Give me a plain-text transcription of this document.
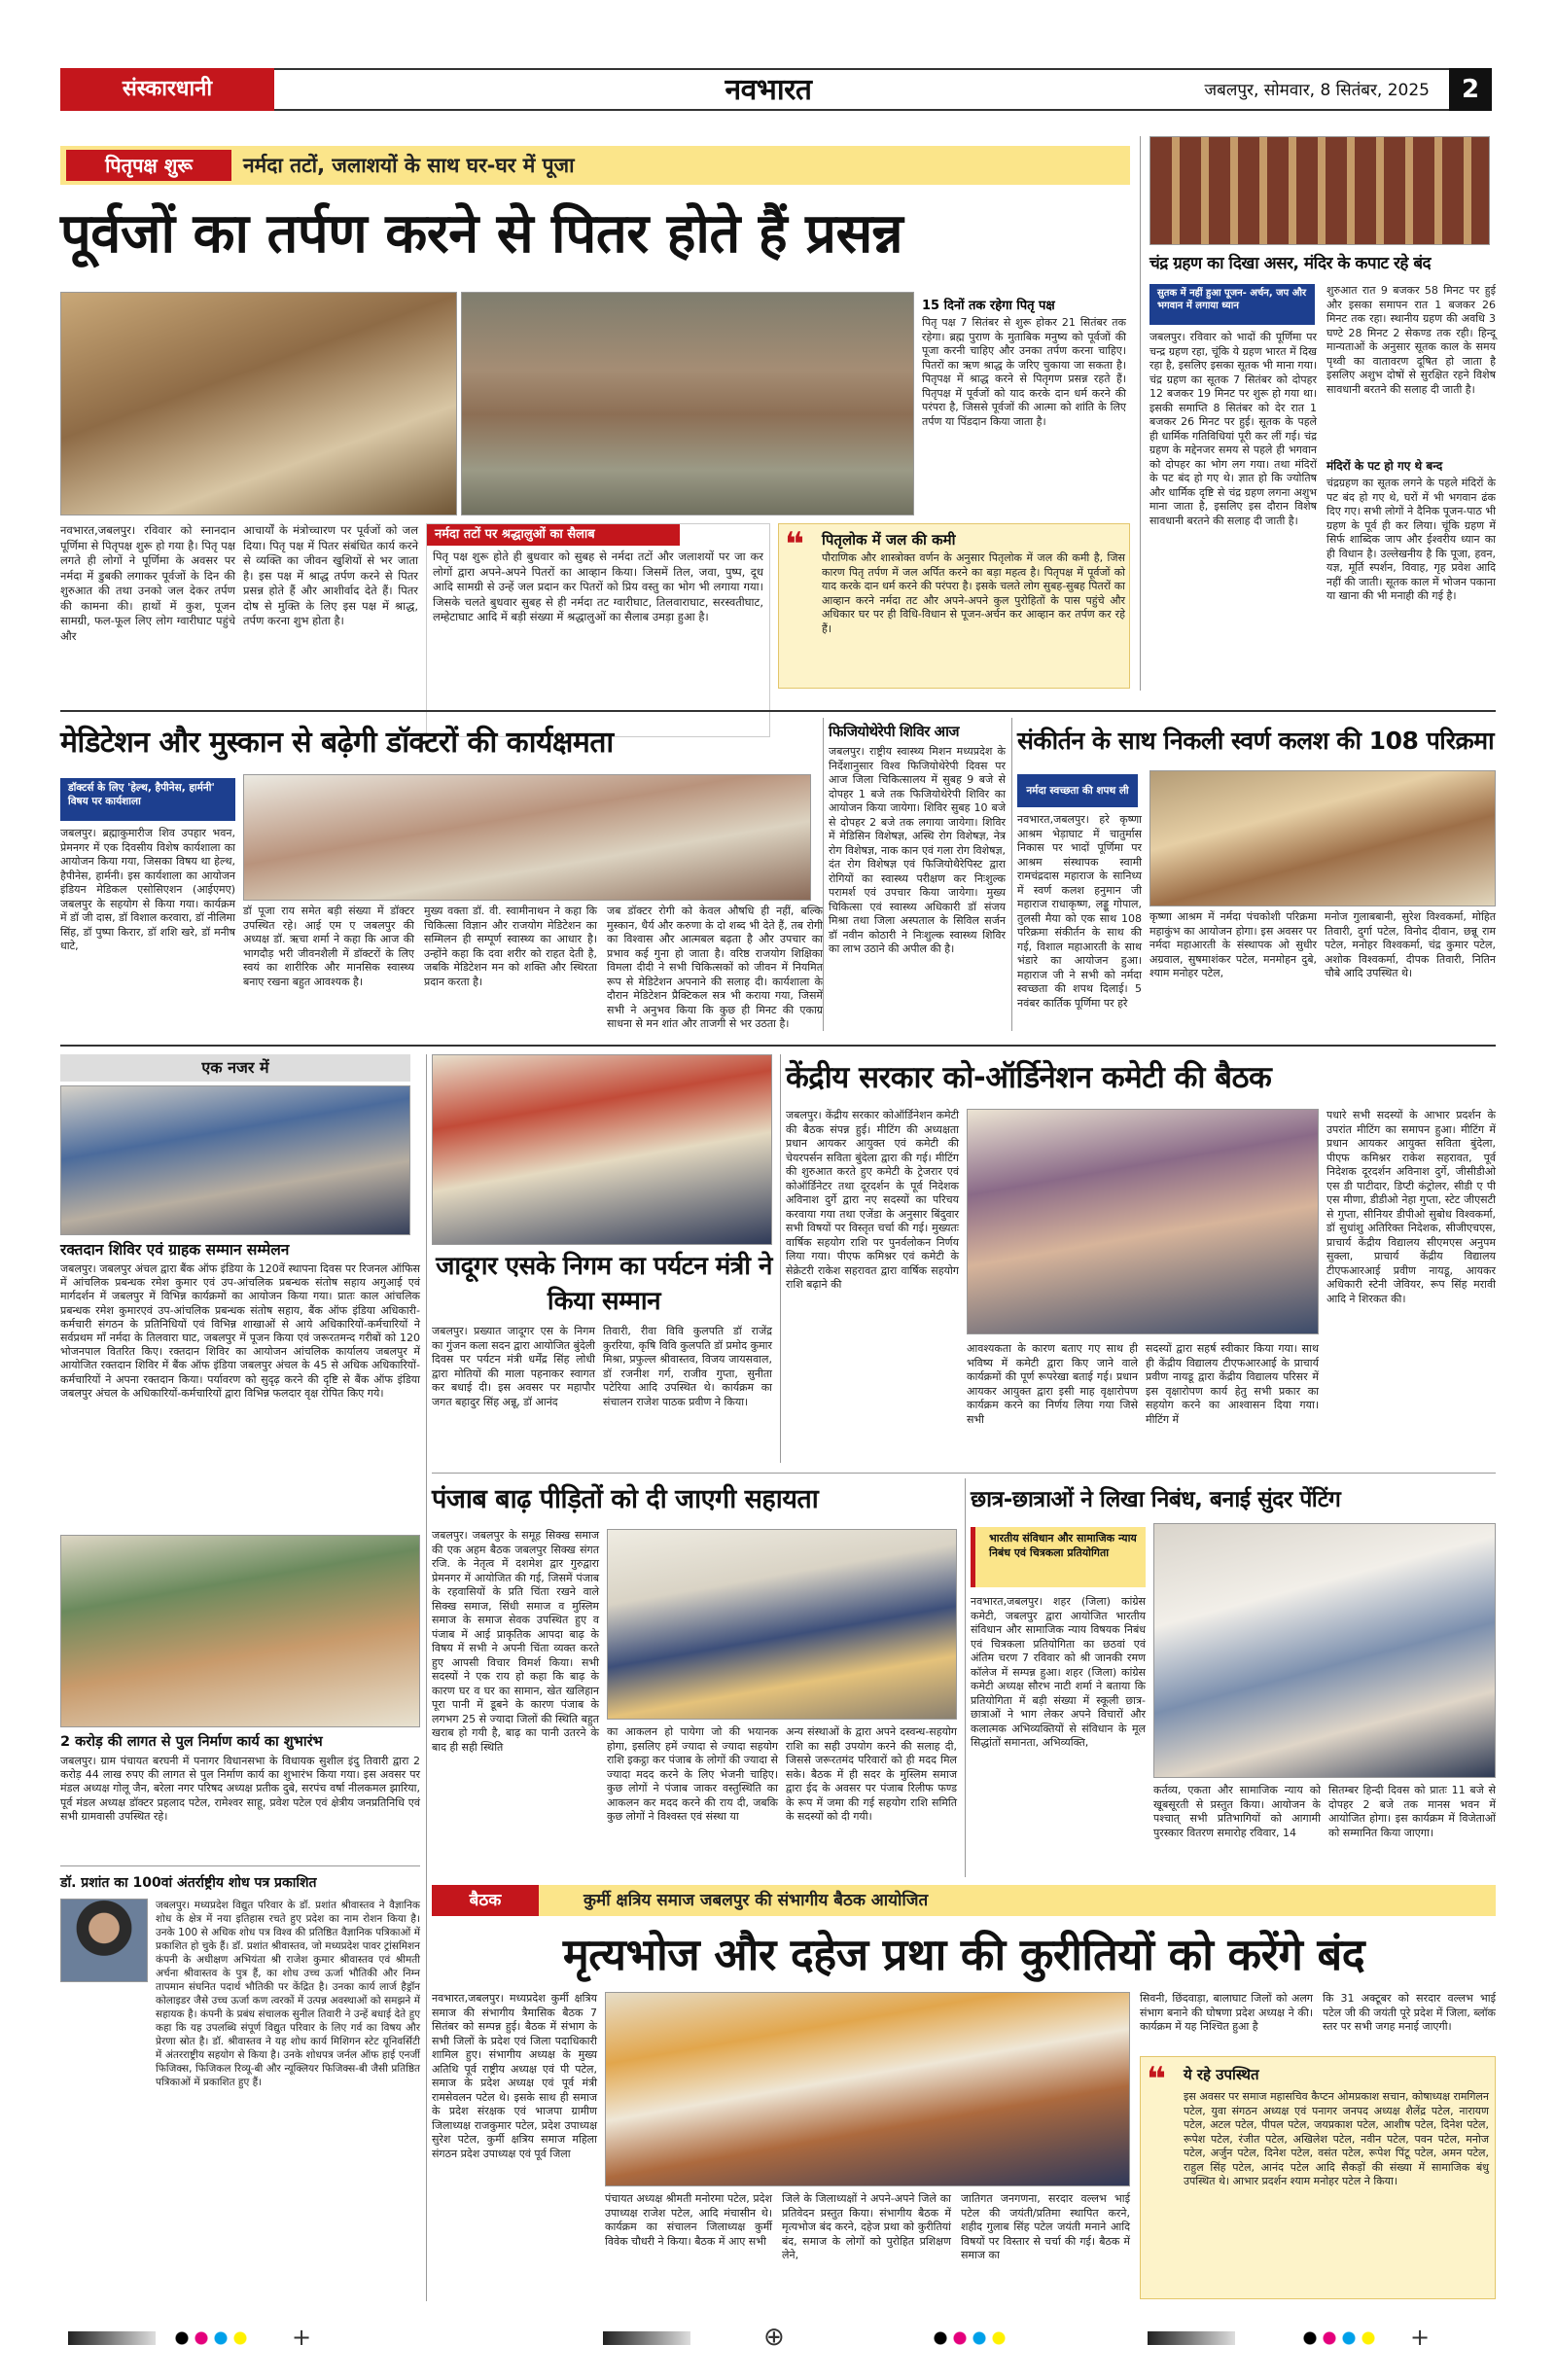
संस्कारधानी	नवभारत	जबलपुर, सोमवार, 8 सितंबर, 2025	2
पितृपक्ष शुरू	नर्मदा तटों, जलाशयों के साथ घर-घर में पूजा
पूर्वजों का तर्पण करने से पितर होते हैं प्रसन्न
15 दिनों तक रहेगा पितृ पक्ष
पितृ पक्ष 7 सितंबर से शुरू होकर 21 सितंबर तक रहेगा। ब्रह्म पुराण के मुताबिक मनुष्य को पूर्वजों की पूजा करनी चाहिए और उनका तर्पण करना चाहिए। पितरों का ऋण श्राद्ध के जरिए चुकाया जा सकता है। पितृपक्ष में श्राद्ध करने से पितृगण प्रसन्न रहते हैं। पितृपक्ष में पूर्वजों को याद करके दान धर्म करने की परंपरा है, जिससे पूर्वजों की आत्मा को शांति के लिए तर्पण या पिंडदान किया जाता है।
नवभारत,जबलपुर। रविवार को स्नानदान पूर्णिमा से पितृपक्ष शुरू हो गया है। पितृ पक्ष लगते ही लोगों ने पूर्णिमा के अवसर पर नर्मदा में डुबकी लगाकर पूर्वजों के दिन की शुरुआत की तथा उनको जल देकर तर्पण की कामना की। हाथों में कुश, पूजन सामग्री, फल-फूल लिए लोग ग्वारीघाट पहुंचे और
आचार्यों के मंत्रोच्चारण पर पूर्वजों को जल दिया। पितृ पक्ष में पितर संबंधित कार्य करने से व्यक्ति का जीवन खुशियों से भर जाता है। इस पक्ष में श्राद्ध तर्पण करने से पितर प्रसन्न होते हैं और आशीर्वाद देते हैं। पितर दोष से मुक्ति के लिए इस पक्ष में श्राद्ध, तर्पण करना शुभ होता है।
नर्मदा तटों पर श्रद्धालुओं का सैलाब
पितृ पक्ष शुरू होते ही बुधवार को सुबह से नर्मदा तटों और जलाशयों पर जा कर लोगों द्वारा अपने-अपने पितरों का आव्हान किया। जिसमें तिल, जवा, पुष्प, दूध आदि सामग्री से उन्हें जल प्रदान कर पितरों को प्रिय वस्तु का भोग भी लगाया गया। जिसके चलते बुधवार सुबह से ही नर्मदा तट ग्वारीघाट, तिलवाराघाट, सरस्वतीघाट, लम्हेटाघाट आदि में बड़ी संख्या में श्रद्धालुओं का सैलाब उमड़ा हुआ है।
❝ पितृलोक में जल की कमी
पौराणिक और शास्त्रोक्त वर्णन के अनुसार पितृलोक में जल की कमी है, जिस कारण पितृ तर्पण में जल अर्पित करने का बड़ा महत्व है। पितृपक्ष में पूर्वजों को याद करके दान धर्म करने की परंपरा है। इसके चलते लोग सुबह-सुबह पितरों का आव्हान करने नर्मदा तट और अपने-अपने कुल पुरोहितों के पास पहुंचे और अधिकार घर पर ही विधि-विधान से पूजन-अर्चन कर आव्हान कर तर्पण कर रहे हैं।
चंद्र ग्रहण का दिखा असर, मंदिर के कपाट रहे बंद
सुतक में नहीं हुआ पूजन- अर्चन, जप और भगवान में लगाया ध्यान
जबलपुर। रविवार को भादों की पूर्णिमा पर चन्द्र ग्रहण रहा, चूंकि ये ग्रहण भारत में दिख रहा है, इसलिए इसका सूतक भी माना गया। चंद्र ग्रहण का सूतक 7 सितंबर को दोपहर 12 बजकर 19 मिनट पर शुरू हो गया था। इसकी समाप्ति 8 सितंबर को देर रात 1 बजकर 26 मिनट पर हुई। सूतक के पहले ही धार्मिक गतिविधियां पूरी कर लीं गई। चंद्र ग्रहण के मद्देनजर समय से पहले ही भगवान को दोपहर का भोग लग गया। तथा मंदिरों के पट बंद हो गए थे। ज्ञात हो कि ज्योतिष और धार्मिक दृष्टि से चंद्र ग्रहण लगना अशुभ माना जाता है, इसलिए इस दौरान विशेष सावधानी बरतने की सलाह दी जाती है।
शुरुआत रात 9 बजकर 58 मिनट पर हुई और इसका समापन रात 1 बजकर 26 मिनट तक रहा। स्थानीय ग्रहण की अवधि 3 घण्टे 28 मिनट 2 सेकण्ड तक रही। हिन्दू मान्यताओं के अनुसार सूतक काल के समय पृथ्वी का वातावरण दूषित हो जाता है इसलिए अशुभ दोषों से सुरक्षित रहने विशेष सावधानी बरतने की सलाह दी जाती है।
मंदिरों के पट हो गए थे बन्द
चंद्रग्रहण का सूतक लगने के पहले मंदिरों के पट बंद हो गए थे, घरों में भी भगवान ढंक दिए गए। सभी लोगों ने दैनिक पूजन-पाठ भी ग्रहण के पूर्व ही कर लिया। चूंकि ग्रहण में सिर्फ शाब्दिक जाप और ईश्वरीय ध्यान का ही विधान है। उल्लेखनीय है कि पूजा, हवन, यज्ञ, मूर्ति स्पर्शन, विवाह, गृह प्रवेश आदि नहीं की जाती। सूतक काल में भोजन पकाना या खाना की भी मनाही की गई है।
मेडिटेशन और मुस्कान से बढ़ेगी डॉक्टरों की कार्यक्षमता
डॉक्टर्स के लिए 'हेल्थ, हैपीनेस, हार्मनी' विषय पर कार्यशाला
जबलपुर। ब्रह्माकुमारीज शिव उपहार भवन, प्रेमनगर में एक दिवसीय विशेष कार्यशाला का आयोजन किया गया, जिसका विषय था हेल्थ, हैपीनेस, हार्मनी। इस कार्यशाला का आयोजन इंडियन मेडिकल एसोसिएशन (आईएमए) जबलपुर के सहयोग से किया गया। कार्यक्रम में डॉ जी दास, डॉ विशाल करवारा, डॉ नीलिमा सिंह, डॉ पुष्पा किरार, डॉ शशि खरे, डॉ मनीष धाटे,
डॉ पूजा राय समेत बड़ी संख्या में डॉक्टर उपस्थित रहे। आई एम ए जबलपुर की अध्यक्ष डॉ. ऋचा शर्मा ने कहा कि आज की भागदौड़ भरी जीवनशैली में डॉक्टरों के लिए स्वयं का शारीरिक और मानसिक स्वास्थ्य बनाए रखना बहुत आवश्यक है।
मुख्य वक्ता डॉ. वी. स्वामीनाथन ने कहा कि चिकित्सा विज्ञान और राजयोग मेडिटेशन का सम्मिलन ही सम्पूर्ण स्वास्थ्य का आधार है। उन्होंने कहा कि दवा शरीर को राहत देती है, जबकि मेडिटेशन मन को शक्ति और स्थिरता प्रदान करता है।
जब डॉक्टर रोगी को केवल औषधि ही नहीं, बल्कि मुस्कान, धैर्य और करुणा के दो शब्द भी देते हैं, तब रोगी का विश्वास और आत्मबल बढ़ता है और उपचार का प्रभाव कई गुना हो जाता है। वरिष्ठ राजयोग शिक्षिका विमला दीदी ने सभी चिकित्सकों को जीवन में नियमित रूप से मेडिटेशन अपनाने की सलाह दी। कार्यशाला के दौरान मेडिटेशन प्रैक्टिकल सत्र भी कराया गया, जिसमें सभी ने अनुभव किया कि कुछ ही मिनट की एकाग्र साधना से मन शांत और ताजगी से भर उठता है।
फिजियोथेरेपी शिविर आज
जबलपुर। राष्ट्रीय स्वास्थ्य मिशन मध्यप्रदेश के निर्देशानुसार विश्व फिजियोथेरेपी दिवस पर आज जिला चिकित्सालय में सुबह 9 बजे से दोपहर 1 बजे तक फिजियोथेरेपी शिविर का आयोजन किया जायेगा। शिविर सुबह 10 बजे से दोपहर 2 बजे तक लगाया जायेगा। शिविर में मेडिसिन विशेषज्ञ, अस्थि रोग विशेषज्ञ, नेत्र रोग विशेषज्ञ, नाक कान एवं गला रोग विशेषज्ञ, दंत रोग विशेषज्ञ एवं फिजियोथैरेपिस्ट द्वारा रोगियों का स्वास्थ्य परीक्षण कर निःशुल्क परामर्श एवं उपचार किया जायेगा। मुख्य चिकित्सा एवं स्वास्थ्य अधिकारी डॉ संजय मिश्रा तथा जिला अस्पताल के सिविल सर्जन डॉ नवीन कोठारी ने निःशुल्क स्वास्थ्य शिविर का लाभ उठाने की अपील की है।
संकीर्तन के साथ निकली स्वर्ण कलश की 108 परिक्रमा
नर्मदा स्वच्छता की शपथ ली
नवभारत,जबलपुर। हरे कृष्णा आश्रम भेड़ाघाट में चातुर्मास निकास पर भादों पूर्णिमा पर आश्रम संस्थापक स्वामी रामचंद्रदास महाराज के सानिध्य में स्वर्ण कलश हनुमान जी महाराज राधाकृष्ण, लड्डू गोपाल, तुलसी मैया को एक साथ 108 परिक्रमा संकीर्तन के साथ की गई, विशाल महाआरती के साथ भंडारे का आयोजन हुआ। महाराज जी ने सभी को नर्मदा स्वच्छता की शपथ दिलाई। 5 नवंबर कार्तिक पूर्णिमा पर हरे
कृष्णा आश्रम में नर्मदा पंचकोशी परिक्रमा महाकुंभ का आयोजन होगा। इस अवसर पर नर्मदा महाआरती के संस्थापक ओ सुधीर अग्रवाल, सुषमाशंकर पटेल, मनमोहन दुबे, श्याम मनोहर पटेल,
मनोज गुलाबबानी, सुरेश विश्वकर्मा, मोहित तिवारी, दुर्गा पटेल, विनोद दीवान, छन्नू राम पटेल, मनोहर विश्वकर्मा, चंद्र कुमार पटेल, अशोक विश्वकर्मा, दीपक तिवारी, नितिन चौबे आदि उपस्थित थे।
एक नजर में
रक्तदान शिविर एवं ग्राहक सम्मान सम्मेलन
जबलपुर। जबलपुर अंचल द्वारा बैंक ऑफ इंडिया के 120वें स्थापना दिवस पर रिजनल ऑफिस में आंचलिक प्रबन्धक रमेश कुमार एवं उप-आंचलिक प्रबन्धक संतोष सहाय अगुआई एवं मार्गदर्शन में जबलपुर में विभिन्न कार्यक्रमों का आयोजन किया गया। प्रातः काल आंचलिक प्रबन्धक रमेश कुमारएवं उप-आंचलिक प्रबन्धक संतोष सहाय, बैंक ऑफ इंडिया अधिकारी-कर्मचारी संगठन के प्रतिनिधियों एवं विभिन्न शाखाओं से आये अधिकारियों-कर्मचारियों ने सर्वप्रथम माँ नर्मदा के तिलवारा घाट, जबलपुर में पूजन किया एवं जरूरतमन्द गरीबों को 120 भोजनपाल वितरित किए। रक्तदान शिविर का आयोजन आंचलिक कार्यालय जबलपुर में आयोजित रक्तदान शिविर में बैंक ऑफ इंडिया जबलपुर अंचल के 45 से अधिक अधिकारियों-कर्मचारियों ने अपना रक्तदान किया। पर्यावरण को सुदृढ़ करने की दृष्टि से बैंक ऑफ इंडिया जबलपुर अंचल के अधिकारियों-कर्मचारियों द्वारा विभिन्न फलदार वृक्ष रोपित किए गये।
2 करोड़ की लागत से पुल निर्माण कार्य का शुभारंभ
जबलपुर। ग्राम पंचायत बरघनी में पनागर विधानसभा के विधायक सुशील इंदु तिवारी द्वारा 2 करोड़ 44 लाख रुपए की लागत से पुल निर्माण कार्य का शुभारंभ किया गया। इस अवसर पर मंडल अध्यक्ष गोलू जैन, बरेला नगर परिषद अध्यक्ष प्रतीक दुबे, सरपंच वर्षा नीलकमल झारिया, पूर्व मंडल अध्यक्ष डॉक्टर प्रहलाद पटेल, रामेश्वर साहू, प्रवेश पटेल एवं क्षेत्रीय जनप्रतिनिधि एवं सभी ग्रामवासी उपस्थित रहे।
डॉ. प्रशांत का 100वां अंतर्राष्ट्रीय शोध पत्र प्रकाशित
जबलपुर। मध्यप्रदेश विद्युत परिवार के डॉ. प्रशांत श्रीवास्तव ने वैज्ञानिक शोध के क्षेत्र में नया इतिहास रचते हुए प्रदेश का नाम रोशन किया है। उनके 100 से अधिक शोध पत्र विश्व की प्रतिष्ठित वैज्ञानिक पत्रिकाओं में प्रकाशित हो चुके हैं। डॉ. प्रशांत श्रीवास्तव, जो मध्यप्रदेश पावर ट्रांसमिशन कंपनी के अधीक्षण अभियंता श्री राजेश कुमार श्रीवास्तव एवं श्रीमती अर्चना श्रीवास्तव के पुत्र हैं, का शोध उच्च ऊर्जा भौतिकी और निम्न तापमान संघनित पदार्थ भौतिकी पर केंद्रित है। उनका कार्य लार्ज हैड्रॉन कोलाइडर जैसे उच्च ऊर्जा कण त्वरकों में उत्पन्न अवस्थाओं को समझने में सहायक है। कंपनी के प्रबंध संचालक सुनील तिवारी ने उन्हें बधाई देते हुए कहा कि यह उपलब्धि संपूर्ण विद्युत परिवार के लिए गर्व का विषय और प्रेरणा स्रोत है। डॉ. श्रीवास्तव ने यह शोध कार्य मिशिगन स्टेट यूनिवर्सिटी में अंतरराष्ट्रीय सहयोग से किया है। उनके शोधपत्र जर्नल ऑफ हाई एनर्जी फिजिक्स, फिजिकल रिव्यू-बी और न्यूक्लियर फिजिक्स-बी जैसी प्रतिष्ठित पत्रिकाओं में प्रकाशित हुए हैं।
जादूगर एसके निगम का पर्यटन मंत्री ने किया सम्मान
जबलपुर। प्रख्यात जादूगर एस के निगम का गुंजन कला सदन द्वारा आयोजित बुंदेली दिवस पर पर्यटन मंत्री धर्मेंद्र सिंह लोधी द्वारा मोतियों की माला पहनाकर स्वागत कर बधाई दी। इस अवसर पर महापौर जगत बहादुर सिंह अन्नू, डॉ आनंद
तिवारी, रीवा विवि कुलपति डॉ राजेंद्र कुररिया, कृषि विवि कुलपति डॉ प्रमोद कुमार मिश्रा, प्रफुल्ल श्रीवास्तव, विजय जायसवाल, डॉ रजनीश गर्ग, राजीव गुप्ता, सुनीता पटेरिया आदि उपस्थित थे। कार्यक्रम का संचालन राजेश पाठक प्रवीण ने किया।
केंद्रीय सरकार को-ऑर्डिनेशन कमेटी की बैठक
जबलपुर। केंद्रीय सरकार कोऑर्डिनेशन कमेटी की बैठक संपन्न हुई। मीटिंग की अध्यक्षता प्रधान आयकर आयुक्त एवं कमेटी की चेयरपर्सन सविता बुंदेला द्वारा की गई। मीटिंग की शुरुआत करते हुए कमेटी के ट्रेजरार एवं कोऑर्डिनेटर तथा दूरदर्शन के पूर्व निदेशक अविनाश दुर्गे द्वारा नए सदस्यों का परिचय करवाया गया तथा एजेंडा के अनुसार बिंदुवार सभी विषयों पर विस्तृत चर्चा की गई। मुख्यतः वार्षिक सहयोग राशि पर पुनर्वलोकन निर्णय लिया गया। पीएफ कमिश्नर एवं कमेटी के सेक्रेटरी राकेश सहरावत द्वारा वार्षिक सहयोग राशि बढ़ाने की
आवश्यकता के कारण बताए गए साथ ही भविष्य में कमेटी द्वारा किए जाने वाले कार्यक्रमों की पूर्ण रूपरेखा बताई गई। प्रधान आयकर आयुक्त द्वारा इसी माह वृक्षारोपण कार्यक्रम करने का निर्णय लिया गया जिसे सभी
सदस्यों द्वारा सहर्ष स्वीकार किया गया। साथ ही केंद्रीय विद्यालय टीएफआरआई के प्राचार्य प्रवीण नायडू द्वारा केंद्रीय विद्यालय परिसर में इस वृक्षारोपण कार्य हेतु सभी प्रकार का सहयोग करने का आश्वासन दिया गया। मीटिंग में
पधारे सभी सदस्यों के आभार प्रदर्शन के उपरांत मीटिंग का समापन हुआ। मीटिंग में प्रधान आयकर आयुक्त सविता बुंदेला, पीएफ कमिश्नर राकेश सहरावत, पूर्व निदेशक दूरदर्शन अविनाश दुर्गे, जीसीडीओ एस डी पाटीदार, डिप्टी कंट्रोलर, सीडी ए पी एस मीणा, डीडीओ नेहा गुप्ता, स्टेट जीएसटी से गुप्ता, सीनियर डीपीओ सुबोध विश्वकर्मा, डॉ सुधांशु अतिरिक्त निदेशक, सीजीएचएस, प्राचार्य केंद्रीय विद्यालय सीएमएस अनुपम सुक्ला, प्राचार्य केंद्रीय विद्यालय टीएफआरआई प्रवीण नायडू, आयकर अधिकारी स्टेनी जेवियर, रूप सिंह मरावी आदि ने शिरकत की।
पंजाब बाढ़ पीड़ितों को दी जाएगी सहायता
जबलपुर। जबलपुर के समूह सिक्ख समाज की एक अहम बैठक जबलपुर सिक्ख संगत रजि. के नेतृत्व में दशमेश द्वार गुरुद्वारा प्रेमनगर में आयोजित की गई, जिसमें पंजाब के रहवासियों के प्रति चिंता रखने वाले सिक्ख समाज, सिंधी समाज व मुस्लिम समाज के समाज सेवक उपस्थित हुए व पंजाब में आई प्राकृतिक आपदा बाढ़ के विषय में सभी ने अपनी चिंता व्यक्त करते हुए आपसी विचार विमर्श किया। सभी सदस्यों ने एक राय हो कहा कि बाढ़ के कारण घर व घर का सामान, खेत खलिहान पूरा पानी में डूबने के कारण पंजाब के लगभग 25 से ज्यादा जिलों की स्थिति बहुत खराब हो गयी है, बाढ़ का पानी उतरने के बाद ही सही स्थिति
का आकलन हो पायेगा जो की भयानक होगा, इसलिए हमें ज्यादा से ज्यादा सहयोग राशि इकट्ठा कर पंजाब के लोगों की ज्यादा से ज्यादा मदद करने के लिए भेजनी चाहिए। कुछ लोगों ने पंजाब जाकर वस्तुस्थिति का आकलन कर मदद करने की राय दी, जबकि कुछ लोगों ने विश्वस्त एवं संस्था या
अन्य संस्थाओं के द्वारा अपने दस्वन्ध-सहयोग राशि का सही उपयोग करने की सलाह दी, जिससे जरूरतमंद परिवारों को ही मदद मिल सके। बैठक में ही सदर के मुस्लिम समाज द्वारा ईद के अवसर पर पंजाब रिलीफ फण्ड के रूप में जमा की गई सहयोग राशि समिति के सदस्यों को दी गयी।
छात्र-छात्राओं ने लिखा निबंध, बनाई सुंदर पेंटिंग
भारतीय संविधान और सामाजिक न्याय निबंध एवं चित्रकला प्रतियोगिता
नवभारत,जबलपुर। शहर (जिला) कांग्रेस कमेटी, जबलपुर द्वारा आयोजित भारतीय संविधान और सामाजिक न्याय विषयक निबंध एवं चित्रकला प्रतियोगिता का छठवां एवं अंतिम चरण 7 रविवार को श्री जानकी रमण कॉलेज में सम्पन्न हुआ। शहर (जिला) कांग्रेस कमेटी अध्यक्ष सौरभ नाटी शर्मा ने बताया कि प्रतियोगिता में बड़ी संख्या में स्कूली छात्र-छात्राओं ने भाग लेकर अपने विचारों और कलात्मक अभिव्यक्तियों से संविधान के मूल सिद्धांतों समानता, अभिव्यक्ति,
कर्तव्य, एकता और सामाजिक न्याय को खूबसूरती से प्रस्तुत किया। आयोजन के पश्चात् सभी प्रतिभागियों को आगामी पुरस्कार वितरण समारोह रविवार, 14
सितम्बर हिन्दी दिवस को प्रातः 11 बजे से दोपहर 2 बजे तक मानस भवन में आयोजित होगा। इस कार्यक्रम में विजेताओं को सम्मानित किया जाएगा।
बैठक	कुर्मी क्षत्रिय समाज जबलपुर की संभागीय बैठक आयोजित
मृत्यभोज और दहेज प्रथा की कुरीतियों को करेंगे बंद
नवभारत,जबलपुर। मध्यप्रदेश कुर्मी क्षत्रिय समाज की संभागीय त्रैमासिक बैठक 7 सितंबर को सम्पन्न हुई। बैठक में संभाग के सभी जिलों के प्रदेश एवं जिला पदाधिकारी शामिल हुए। संभागीय अध्यक्ष के मुख्य अतिथि पूर्व राष्ट्रीय अध्यक्ष एवं पी पटेल, समाज के प्रदेश अध्यक्ष एवं पूर्व मंत्री रामसेवलन पटेल थे। इसके साथ ही समाज के प्रदेश संरक्षक एवं भाजपा ग्रामीण जिलाध्यक्ष राजकुमार पटेल, प्रदेश उपाध्यक्ष सुरेश पटेल, कुर्मी क्षत्रिय समाज महिला संगठन प्रदेश उपाध्यक्ष एवं पूर्व जिला
पंचायत अध्यक्ष श्रीमती मनोरमा पटेल, प्रदेश उपाध्यक्ष राजेश पटेल, आदि मंचासीन थे। कार्यक्रम का संचालन जिलाध्यक्ष कुर्मी विवेक चौधरी ने किया। बैठक में आए सभी
जिले के जिलाध्यक्षों ने अपने-अपने जिले का प्रतिवेदन प्रस्तुत किया। संभागीय बैठक में मृत्यभोज बंद करने, दहेज प्रथा को कुरीतियां बंद, समाज के लोगों को पुरोहित प्रशिक्षण लेने,
जातिगत जनगणना, सरदार वल्लभ भाई पटेल की जयंती/प्रतिमा स्थापित करने, शहीद गुलाब सिंह पटेल जयंती मनाने आदि विषयों पर विस्तार से चर्चा की गई। बैठक में समाज का
सिवनी, छिंदवाड़ा, बालाघाट जिलों को अलग संभाग बनाने की घोषणा प्रदेश अध्यक्ष ने की। कार्यक्रम में यह निश्चित हुआ है
कि 31 अक्टूबर को सरदार वल्लभ भाई पटेल जी की जयंती पूरे प्रदेश में जिला, ब्लॉक स्तर पर सभी जगह मनाई जाएगी।
❝ ये रहे उपस्थित
इस अवसर पर समाज महासचिव कैप्टन ओमप्रकाश सचान, कोषाध्यक्ष रामगिलन पटेल, युवा संगठन अध्यक्ष एवं पनागर जनपद अध्यक्ष शैलेंद्र पटेल, नारायण पटेल, अटल पटेल, पीपल पटेल, जयप्रकाश पटेल, आशीष पटेल, दिनेश पटेल, रूपेश पटेल, रंजीत पटेल, अखिलेश पटेल, नवीन पटेल, पवन पटेल, मनोज पटेल, अर्जुन पटेल, दिनेश पटेल, वसंत पटेल, रूपेश पिंटू पटेल, अमन पटेल, राहुल सिंह पटेल, आनंद पटेल आदि सैकड़ों की संख्या में सामाजिक बंधु उपस्थित थे। आभार प्रदर्शन श्याम मनोहर पटेल ने किया।
+	⊕	+
